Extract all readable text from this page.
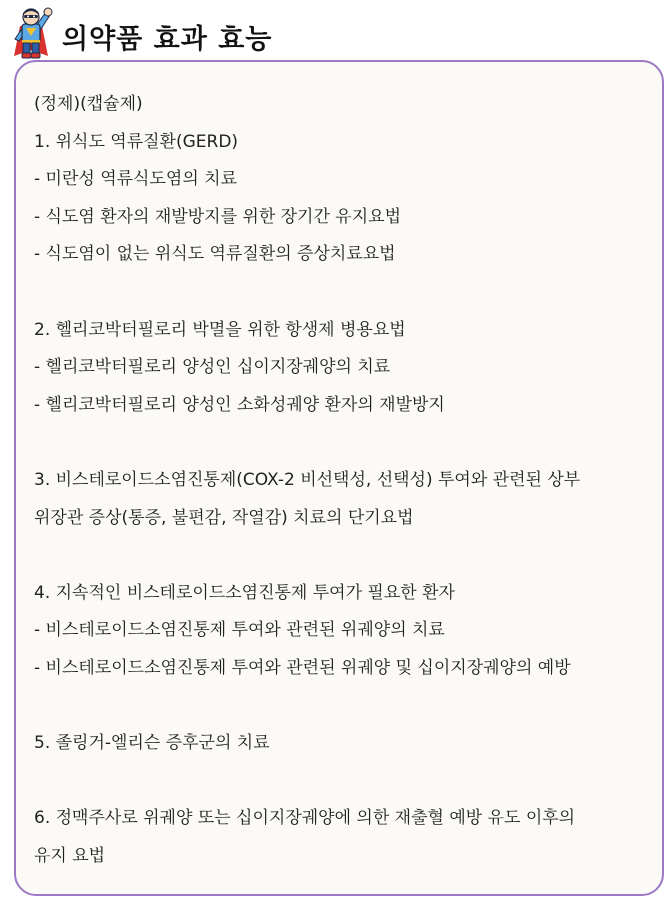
의약품 효과 효능
(정제)(캡슐제)
1. 위식도 역류질환(GERD)
- 미란성 역류식도염의 치료
- 식도염 환자의 재발방지를 위한 장기간 유지요법
- 식도염이 없는 위식도 역류질환의 증상치료요법
2. 헬리코박터필로리 박멸을 위한 항생제 병용요법
- 헬리코박터필로리 양성인 십이지장궤양의 치료
- 헬리코박터필로리 양성인 소화성궤양 환자의 재발방지
3. 비스테로이드소염진통제(COX-2 비선택성, 선택성) 투여와 관련된 상부
위장관 증상(통증, 불편감, 작열감) 치료의 단기요법
4. 지속적인 비스테로이드소염진통제 투여가 필요한 환자
- 비스테로이드소염진통제 투여와 관련된 위궤양의 치료
- 비스테로이드소염진통제 투여와 관련된 위궤양 및 십이지장궤양의 예방
5. 졸링거-엘리슨 증후군의 치료
6. 정맥주사로 위궤양 또는 십이지장궤양에 의한 재출혈 예방 유도 이후의
유지 요법
